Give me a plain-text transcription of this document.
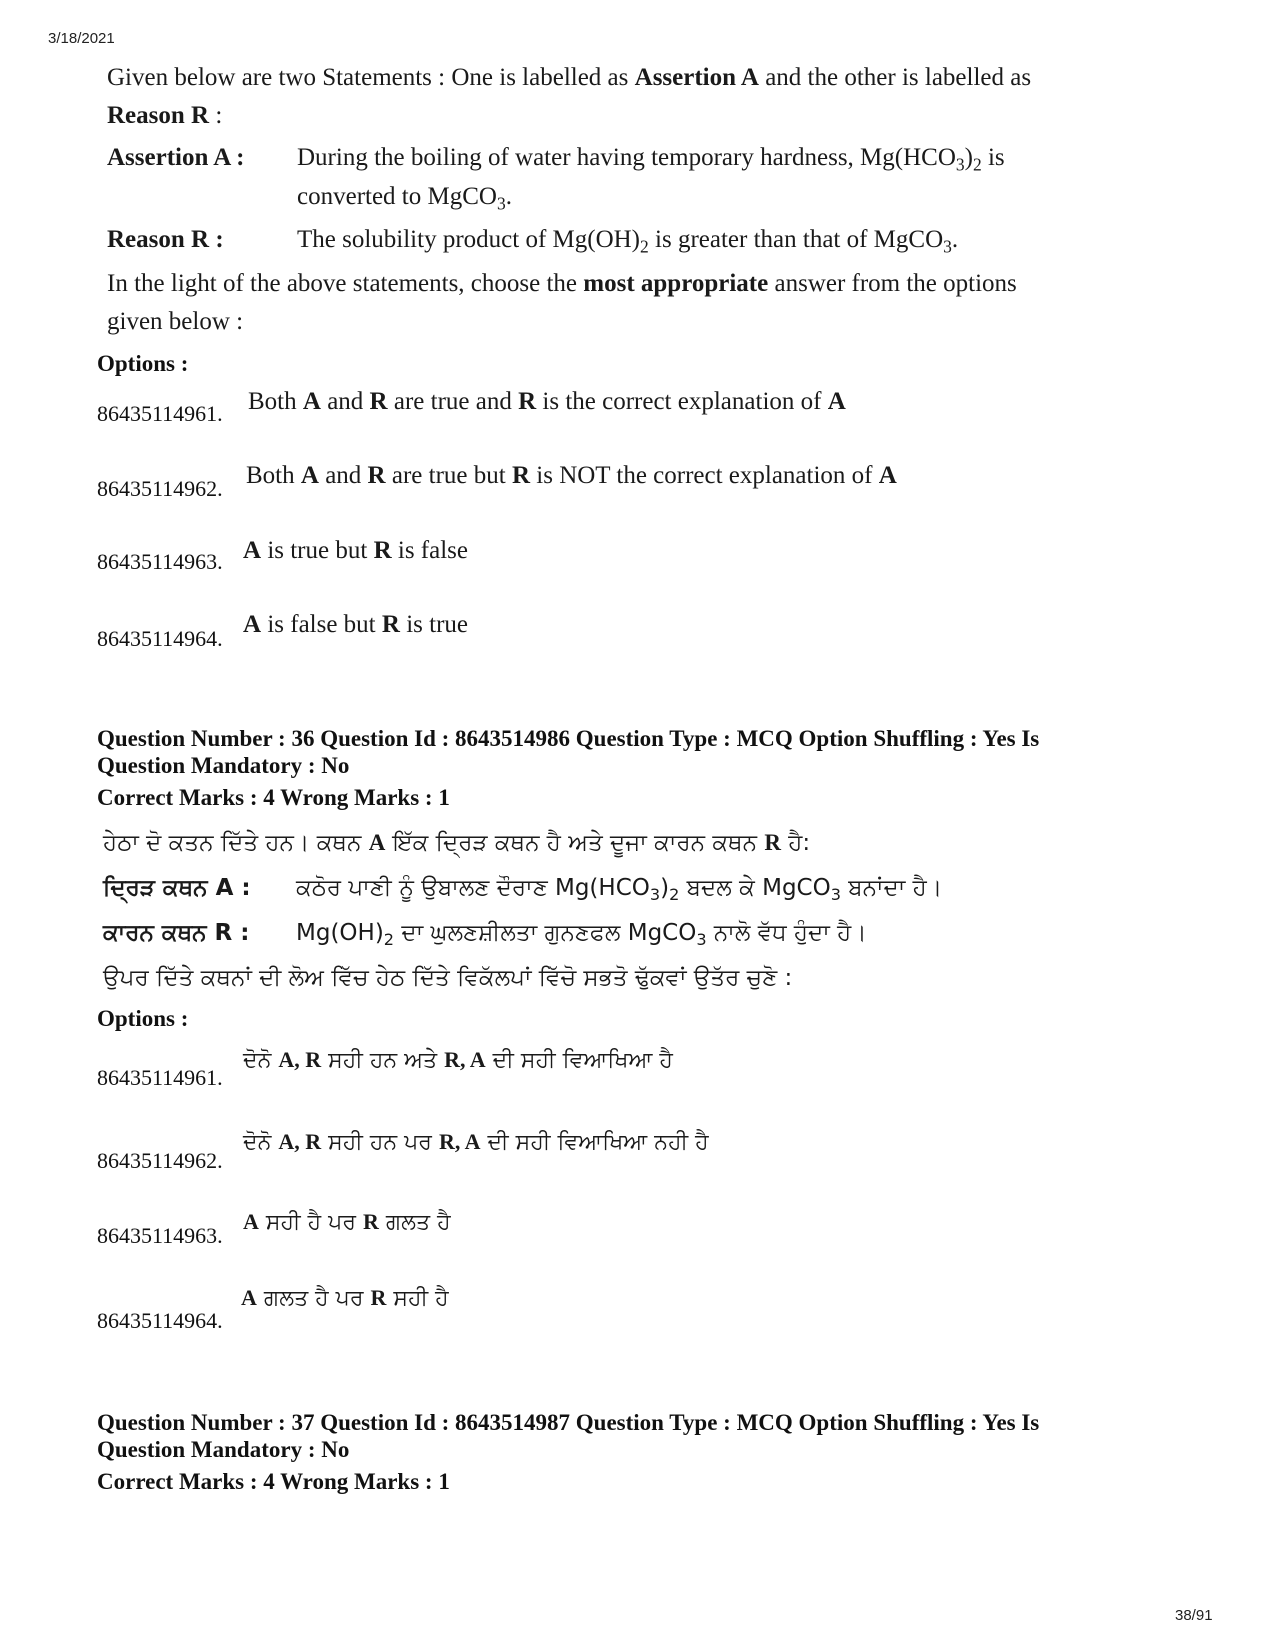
3/18/2021
38/91
Given below are two Statements : One is labelled as Assertion A and the other is labelled as
Reason R :
Assertion A : During the boiling of water having temporary hardness, $Mg(HCO_3)_2$ is
converted to MgCO$_3$.
Reason R :	The solubility product of $Mg(OH)_2$ is greater than that of MgCO$_3$.
In the light of the above statements, choose the most appropriate answer from the options
given below :
Options :
86435114961. Both A and R are true and R is the correct explanation of A
86435114962. Both A and R are true but R is NOT the correct explanation of A
86435114963. A is true but R is false
86435114964.
A is false but R is true
Question Number : 36 Question Id : 8643514986 Question Type : MCQ Option Shuffling : Yes Is
Question Mandatory : No
Correct Marks : 4 Wrong Marks : 1
ਹੇਠਾ ਦੋ ਕਤਨ ਦਿੱਤੇ ਹਨ। ਕਥਨ A ਇੱਕ ਦ੍ਰਿੜ ਕਥਨ ਹੈ ਅਤੇ ਦੂਜਾ ਕਾਰਨ ਕਥਨ R ਹੈ:
ਦ੍ਰਿੜ ਕਥਨ A : ਕਠੋਰ ਪਾਣੀ ਨੂੰ ਉਬਾਲਣ ਦੌਰਾਣ $Mg(HCO_3)_2$ ਬਦਲ ਕੇ MgCO$_3$ ਬਨਾਂਦਾ ਹੈ।
ਕਾਰਨ ਕਥਨ R : $Mg(OH)_2$ ਦਾ ਘੁਲਣਸ਼ੀਲਤਾ ਗੁਨਣਫਲ MgCO$_3$ ਨਾਲੋ ਵੱਧ ਹੁੰਦਾ ਹੈ।
ਉਪਰ ਦਿੱਤੇ ਕਥਨਾਂ ਦੀ ਲੋਅ ਵਿੱਚ ਹੇਠ ਦਿੱਤੇ ਵਿਕੱਲਪਾਂ ਵਿੱਚੋ ਸਭਤੋ ਢੁੱਕਵਾਂ ਉਤੱਰ ਚੁਣੋ :
Options :
86435114961.
ਦੋਨੋ A, R ਸਹੀ ਹਨ ਅਤੇ R, A ਦੀ ਸਹੀ ਵਿਆਖਿਆ ਹੈ
86435114962.
ਦੋਨੋ A, R ਸਹੀ ਹਨ ਪਰ R, A ਦੀ ਸਹੀ ਵਿਆਖਿਆ ਨਹੀ ਹੈ
86435114963.
A ਸਹੀ ਹੈ ਪਰ R ਗਲਤ ਹੈ
86435114964.
A ਗਲਤ ਹੈ ਪਰ R ਸਹੀ ਹੈ
Question Number : 37 Question Id : 8643514987 Question Type : MCQ Option Shuffling : Yes Is
Question Mandatory : No
Correct Marks : 4 Wrong Marks : 1
